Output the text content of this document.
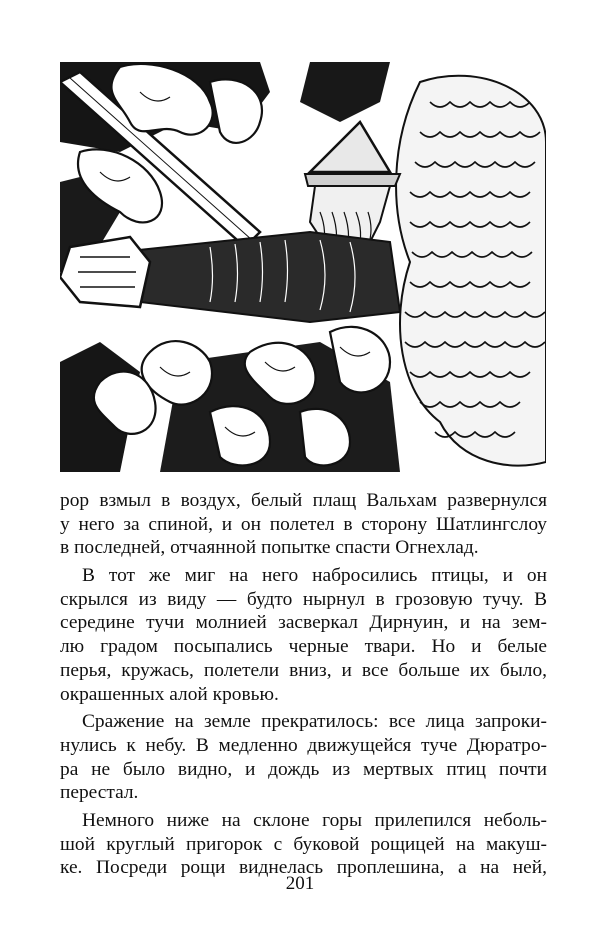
рор взмыл в воздух, белый плащ Вальхам развернулся
у него за спиной, и он полетел в сторону Шатлингслоу
в последней, отчаянной попытке спасти Огнехлад.
В тот же миг на него набросились птицы, и он
скрылся из виду — будто нырнул в грозовую тучу. В
середине тучи молнией засверкал Дирнуин, и на зем-
лю градом посыпались черные твари. Но и белые
перья, кружась, полетели вниз, и все больше их было,
окрашенных алой кровью.
Сражение на земле прекратилось: все лица запроки-
нулись к небу. В медленно движущейся туче Дюратро-
ра не было видно, и дождь из мертвых птиц почти
перестал.
Немного ниже на склоне горы прилепился неболь-
шой круглый пригорок с буковой рощицей на макуш-
ке. Посреди рощи виднелась проплешина, а на ней,
201
